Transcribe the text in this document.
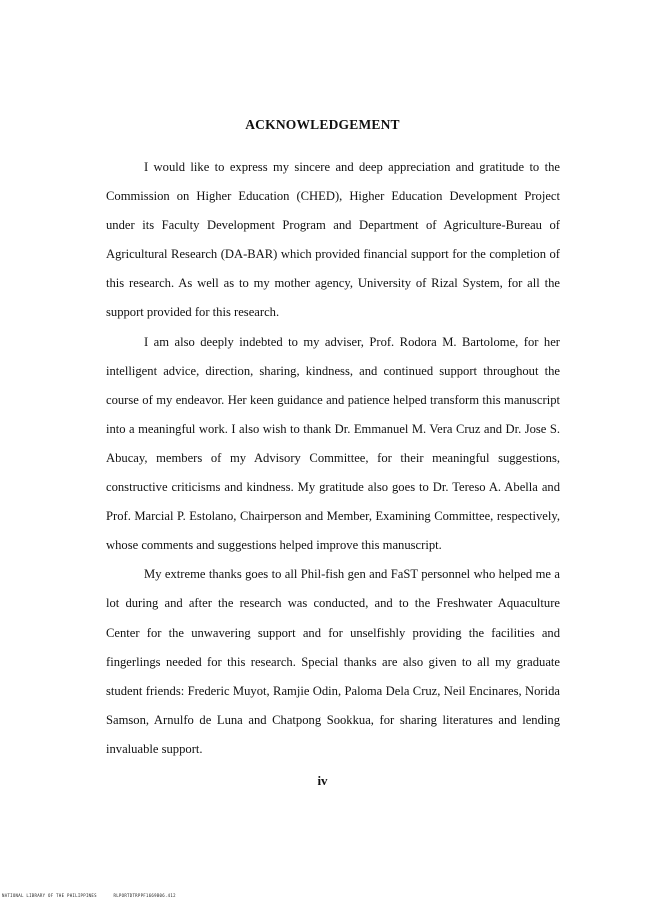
ACKNOWLEDGEMENT

I would like to express my sincere and deep appreciation and gratitude to the Commission on Higher Education (CHED), Higher Education Development Project under its Faculty Development Program and Department of Agriculture-Bureau of Agricultural Research (DA-BAR) which provided financial support for the completion of this research. As well as to my mother agency, University of Rizal System, for all the support provided for this research.

I am also deeply indebted to my adviser, Prof. Rodora M. Bartolome, for her intelligent advice, direction, sharing, kindness, and continued support throughout the course of my endeavor. Her keen guidance and patience helped transform this manuscript into a meaningful work. I also wish to thank Dr. Emmanuel M. Vera Cruz and Dr. Jose S. Abucay, members of my Advisory Committee, for their meaningful suggestions, constructive criticisms and kindness. My gratitude also goes to Dr. Tereso A. Abella and Prof. Marcial P. Estolano, Chairperson and Member, Examining Committee, respectively, whose comments and suggestions helped improve this manuscript.

My extreme thanks goes to all Phil-fish gen and FaST personnel who helped me a lot during and after the research was conducted, and to the Freshwater Aquaculture Center for the unwavering support and for unselfishly providing the facilities and fingerlings needed for this research. Special thanks are also given to all my graduate student friends: Frederic Muyot, Ramjie Odin, Paloma Dela Cruz, Neil Encinares, Norida Samson, Arnulfo de Luna and Chatpong Sookkua, for sharing literatures and lending invaluable support.

iv
NATIONAL LIBRARY OF THE PHILIPPINES	RLPORTDTRPPF1669B06.412
